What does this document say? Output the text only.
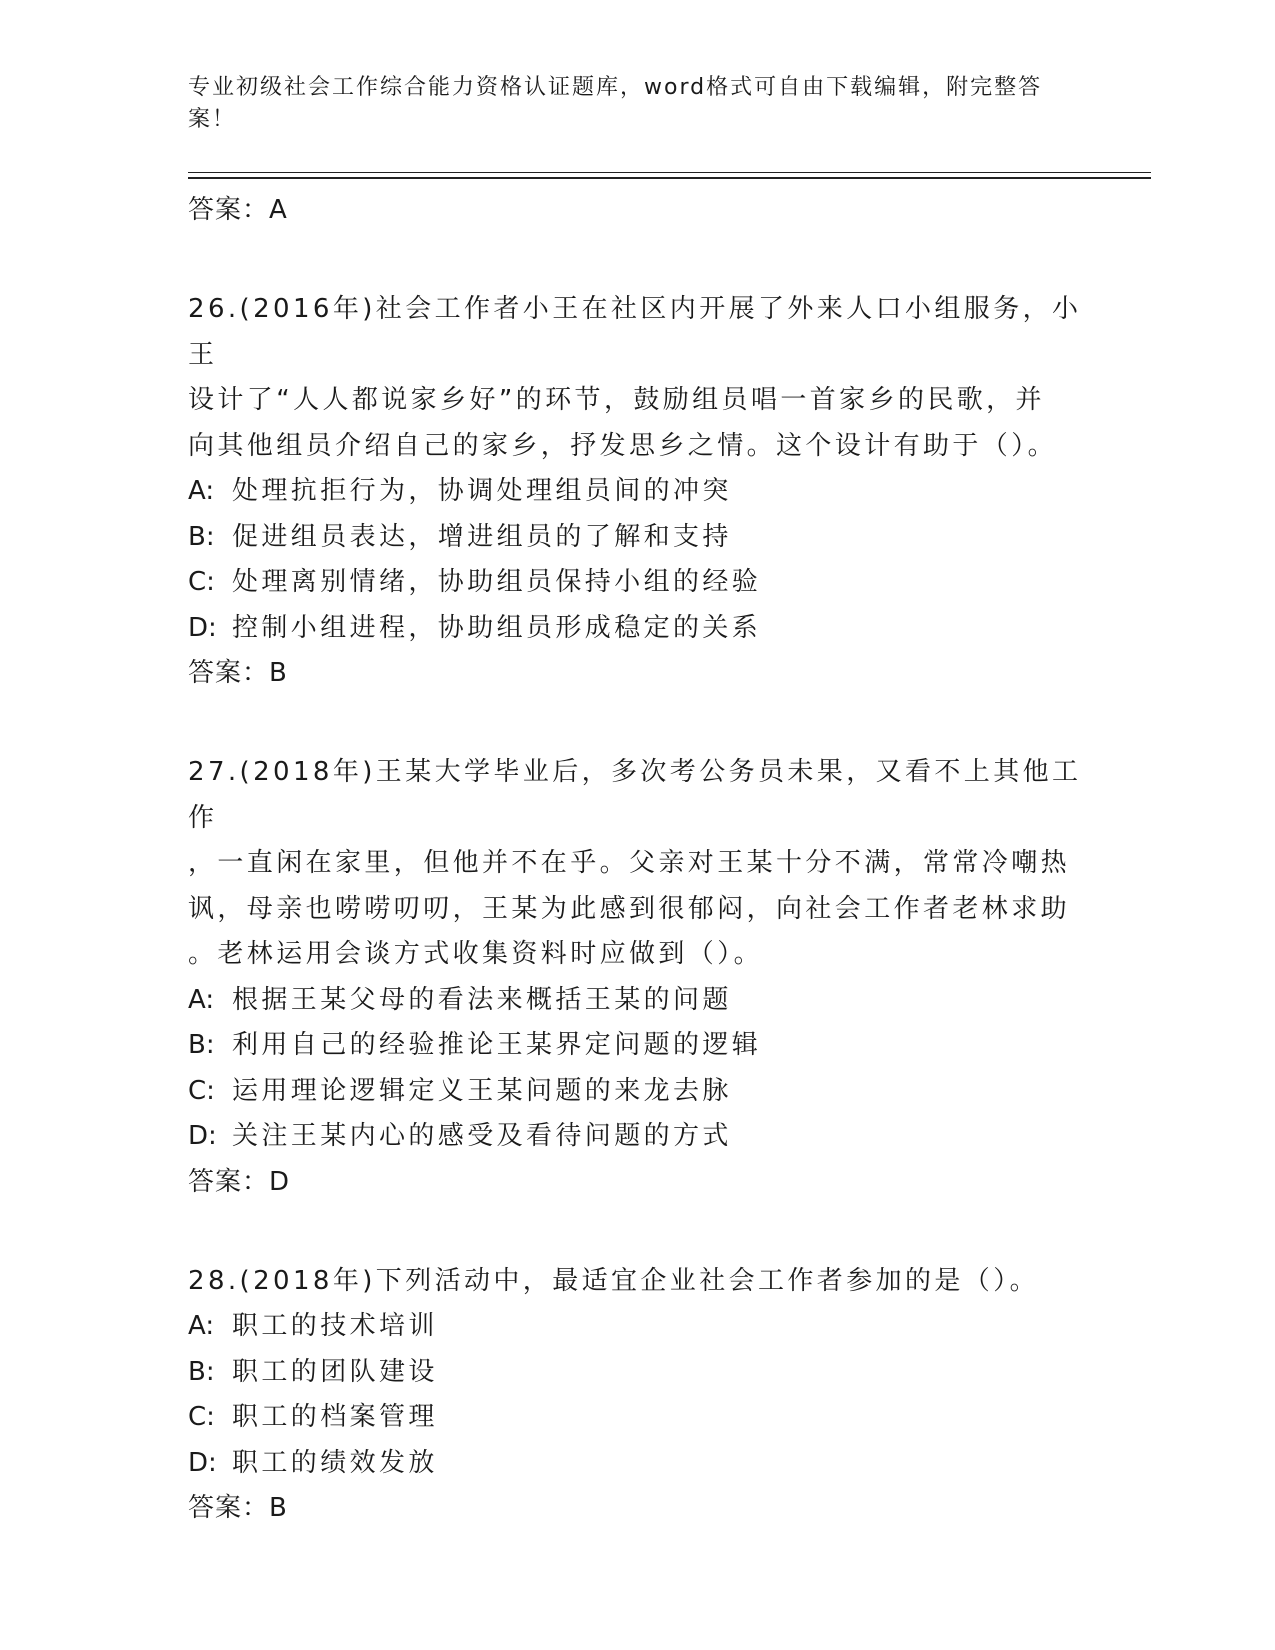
专业初级社会工作综合能力资格认证题库，word格式可自由下载编辑，附完整答案！
答案：A
26.(2016年)社会工作者小王在社区内开展了外来人口小组服务，小王
设计了“人人都说家乡好”的环节，鼓励组员唱一首家乡的民歌，并
向其他组员介绍自己的家乡，抒发思乡之情。这个设计有助于（）。
A: 处理抗拒行为，协调处理组员间的冲突
B: 促进组员表达，增进组员的了解和支持
C: 处理离别情绪，协助组员保持小组的经验
D: 控制小组进程，协助组员形成稳定的关系
答案：B
27.(2018年)王某大学毕业后，多次考公务员未果，又看不上其他工作
，一直闲在家里，但他并不在乎。父亲对王某十分不满，常常冷嘲热
讽，母亲也唠唠叨叨，王某为此感到很郁闷，向社会工作者老林求助
。老林运用会谈方式收集资料时应做到（）。
A: 根据王某父母的看法来概括王某的问题
B: 利用自己的经验推论王某界定问题的逻辑
C: 运用理论逻辑定义王某问题的来龙去脉
D: 关注王某内心的感受及看待问题的方式
答案：D
28.(2018年)下列活动中，最适宜企业社会工作者参加的是（）。
A: 职工的技术培训
B: 职工的团队建设
C: 职工的档案管理
D: 职工的绩效发放
答案：B
